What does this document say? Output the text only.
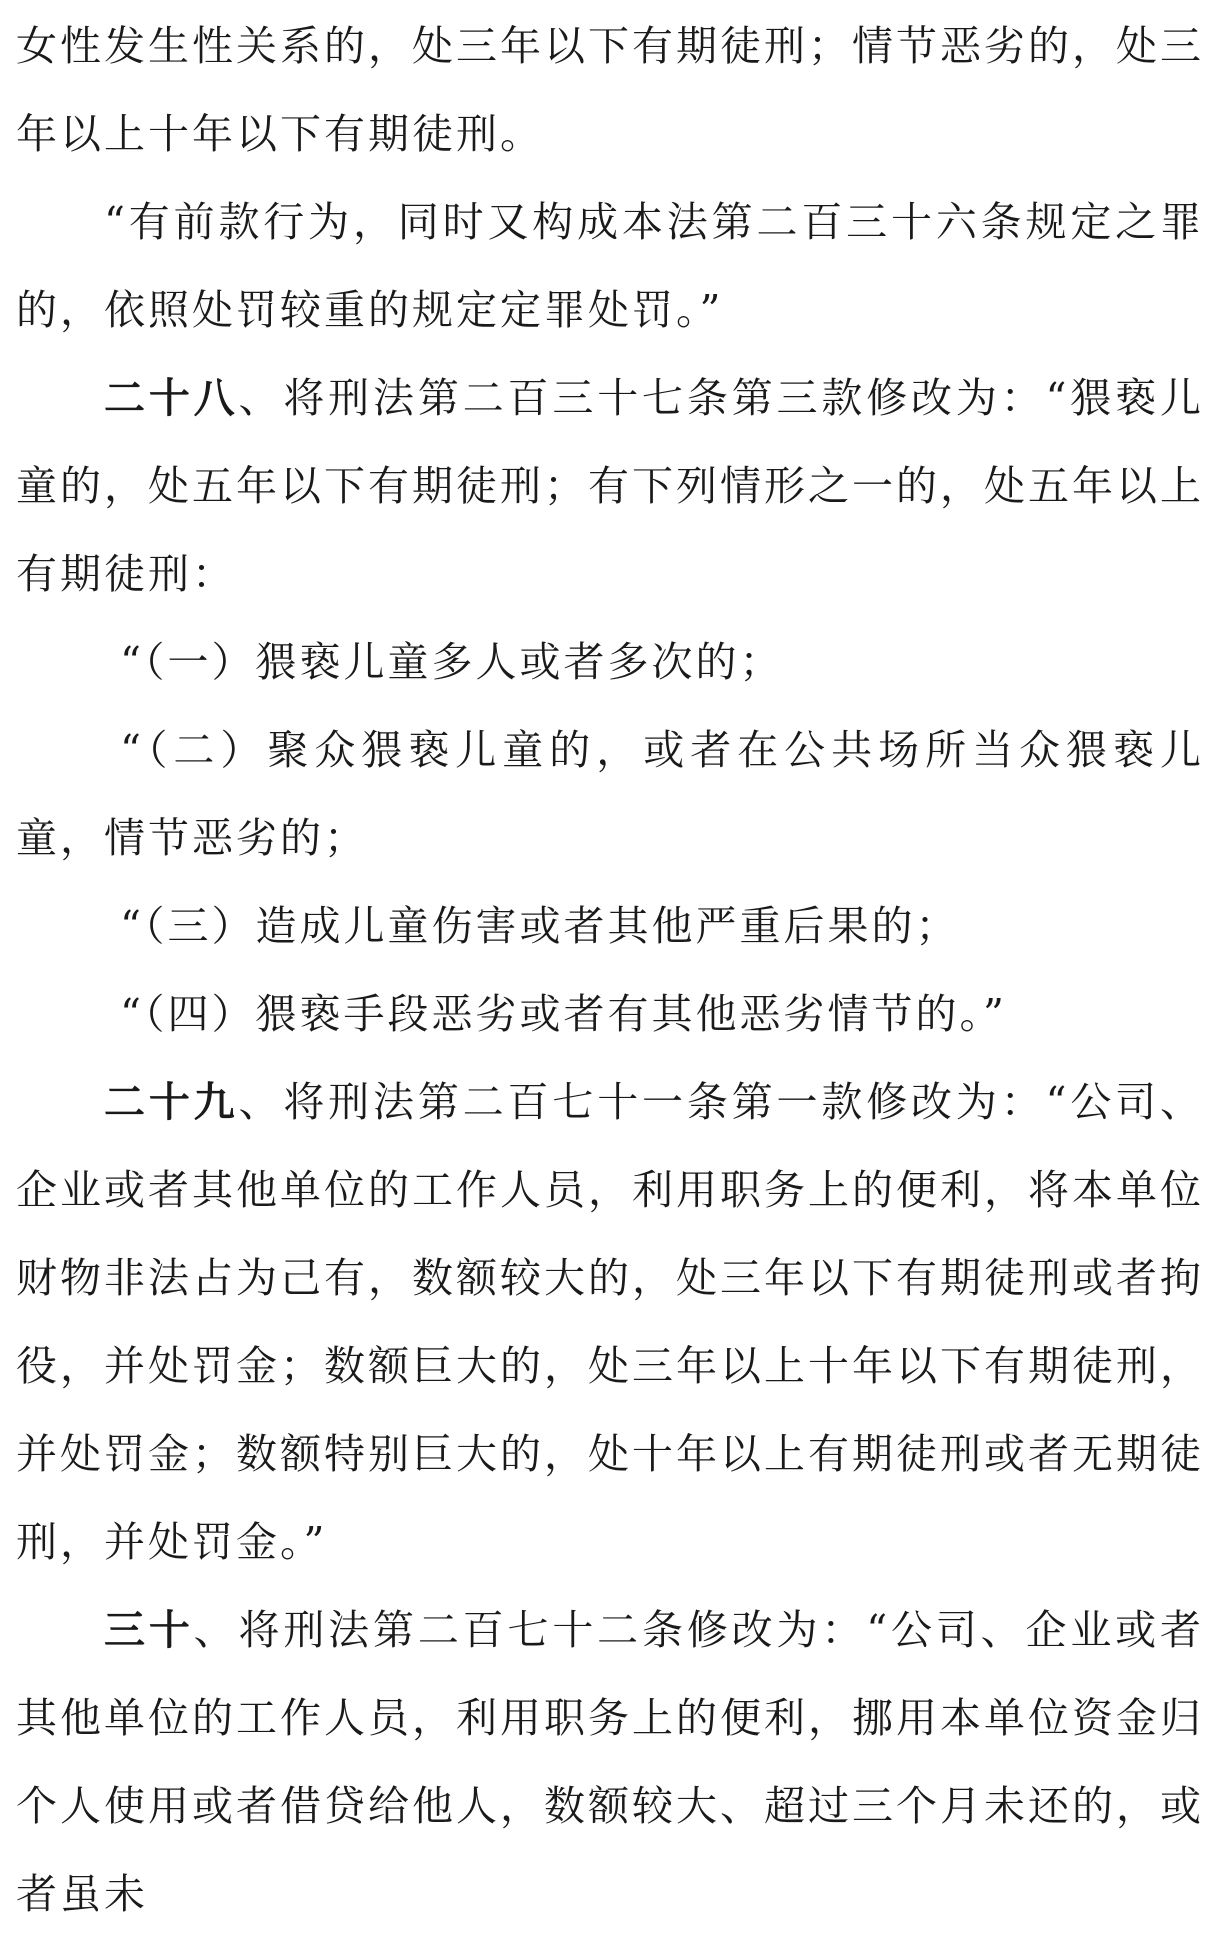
女性发生性关系的，处三年以下有期徒刑；情节恶劣的，处三年以上十年以下有期徒刑。

“有前款行为，同时又构成本法第二百三十六条规定之罪的，依照处罚较重的规定定罪处罚。”

二十八、将刑法第二百三十七条第三款修改为：“猥亵儿童的，处五年以下有期徒刑；有下列情形之一的，处五年以上有期徒刑：

“（一）猥亵儿童多人或者多次的；

“（二）聚众猥亵儿童的，或者在公共场所当众猥亵儿童，情节恶劣的；

“（三）造成儿童伤害或者其他严重后果的；

“（四）猥亵手段恶劣或者有其他恶劣情节的。”

二十九、将刑法第二百七十一条第一款修改为：“公司、企业或者其他单位的工作人员，利用职务上的便利，将本单位财物非法占为己有，数额较大的，处三年以下有期徒刑或者拘役，并处罚金；数额巨大的，处三年以上十年以下有期徒刑，并处罚金；数额特别巨大的，处十年以上有期徒刑或者无期徒刑，并处罚金。”

三十、将刑法第二百七十二条修改为：“公司、企业或者其他单位的工作人员，利用职务上的便利，挪用本单位资金归个人使用或者借贷给他人，数额较大、超过三个月未还的，或者虽未
